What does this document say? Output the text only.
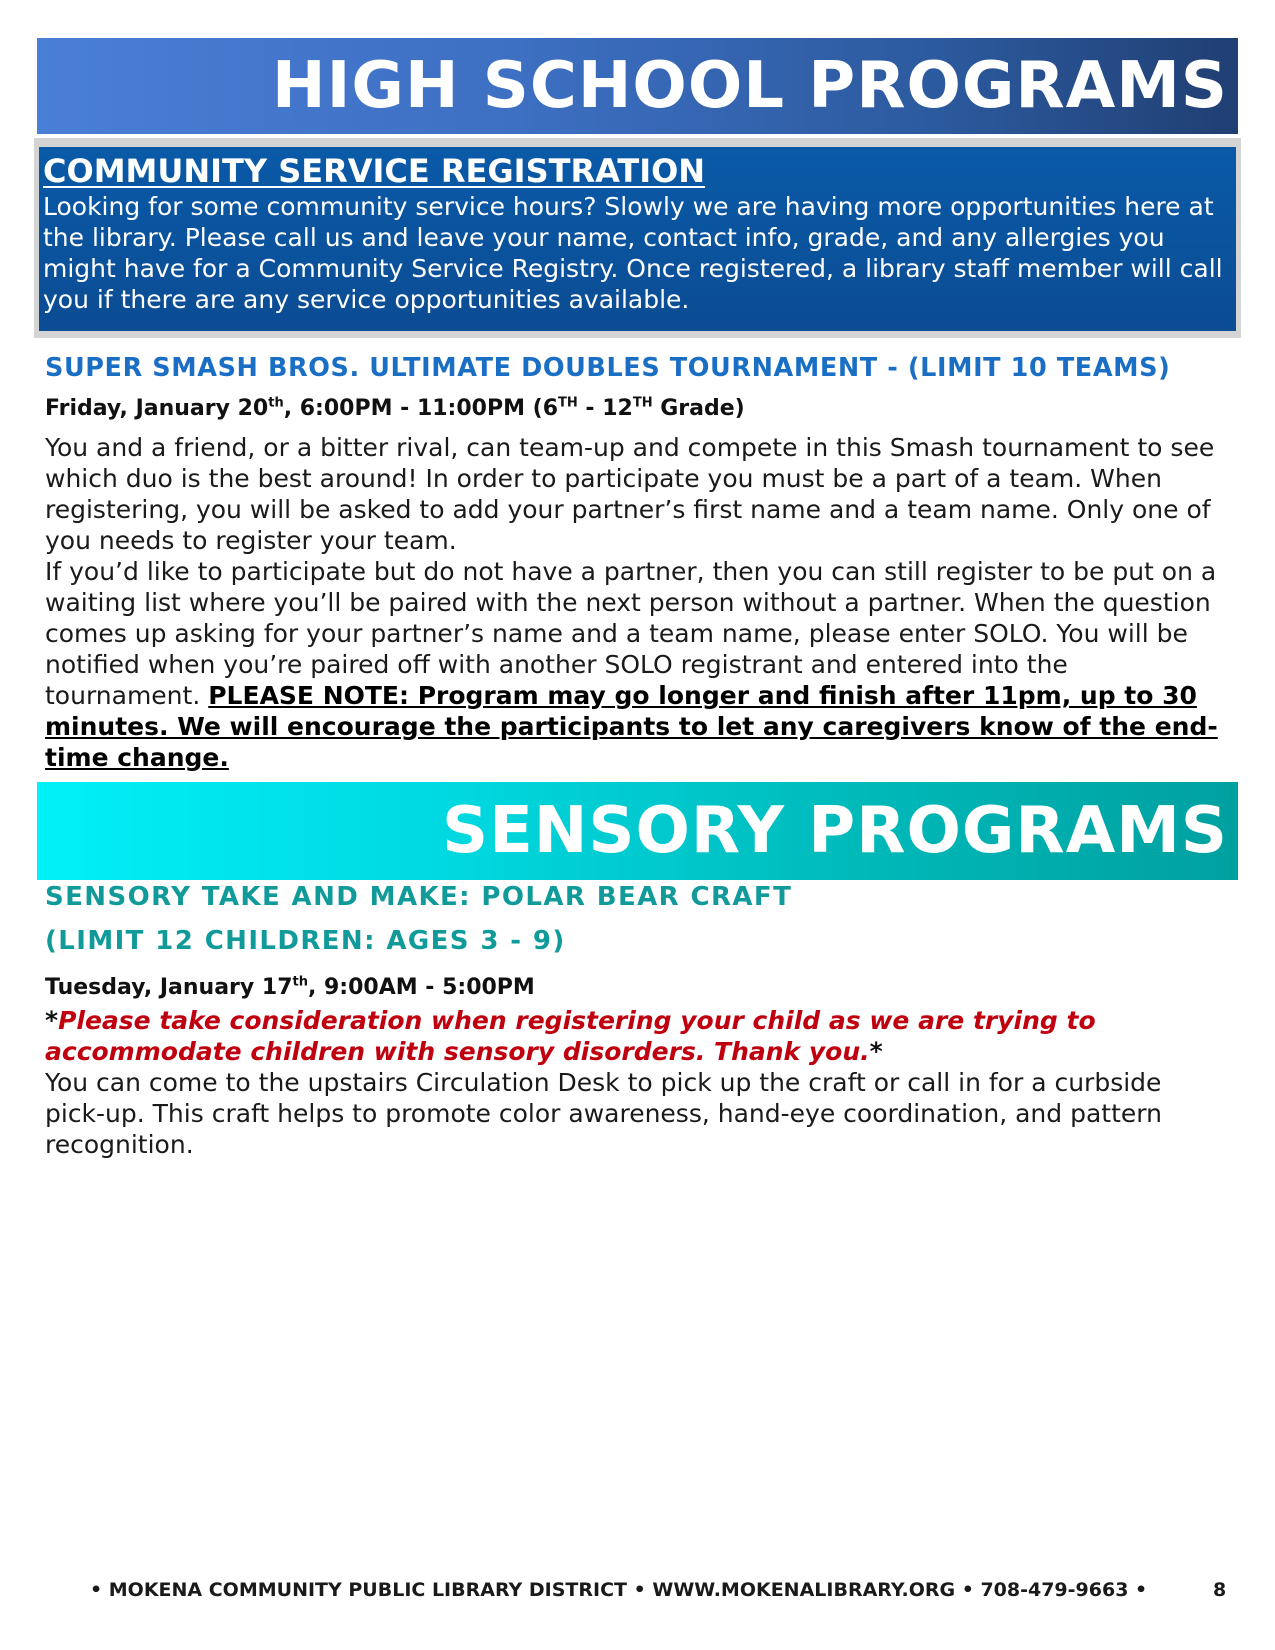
HIGH SCHOOL PROGRAMS
COMMUNITY SERVICE REGISTRATION

Looking for some community service hours? Slowly we are having more opportunities here at the library. Please call us and leave your name, contact info, grade, and any allergies you might have for a Community Service Registry. Once registered, a library staff member will call you if there are any service opportunities available.

SUPER SMASH BROS. ULTIMATE DOUBLES TOURNAMENT - (LIMIT 10 TEAMS)
Friday, January 20th, 6:00PM - 11:00PM (6TH - 12TH Grade)

You and a friend, or a bitter rival, can team-up and compete in this Smash tournament to see which duo is the best around! In order to participate you must be a part of a team. When registering, you will be asked to add your partner’s first name and a team name. Only one of you needs to register your team.

If you’d like to participate but do not have a partner, then you can still register to be put on a waiting list where you’ll be paired with the next person without a partner. When the question comes up asking for your partner’s name and a team name, please enter SOLO. You will be notified when you’re paired off with another SOLO registrant and entered into the tournament. PLEASE NOTE: Program may go longer and finish after 11pm, up to 30 minutes. We will encourage the participants to let any caregivers know of the end-time change.

SENSORY PROGRAMS
SENSORY TAKE AND MAKE: POLAR BEAR CRAFT
(LIMIT 12 CHILDREN: AGES 3 - 9)
Tuesday, January 17th, 9:00AM - 5:00PM

*Please take consideration when registering your child as we are trying to accommodate children with sensory disorders. Thank you.*

You can come to the upstairs Circulation Desk to pick up the craft or call in for a curbside pick-up. This craft helps to promote color awareness, hand-eye coordination, and pattern recognition.

• MOKENA COMMUNITY PUBLIC LIBRARY DISTRICT • WWW.MOKENALIBRARY.ORG • 708-479-9663 •	8
